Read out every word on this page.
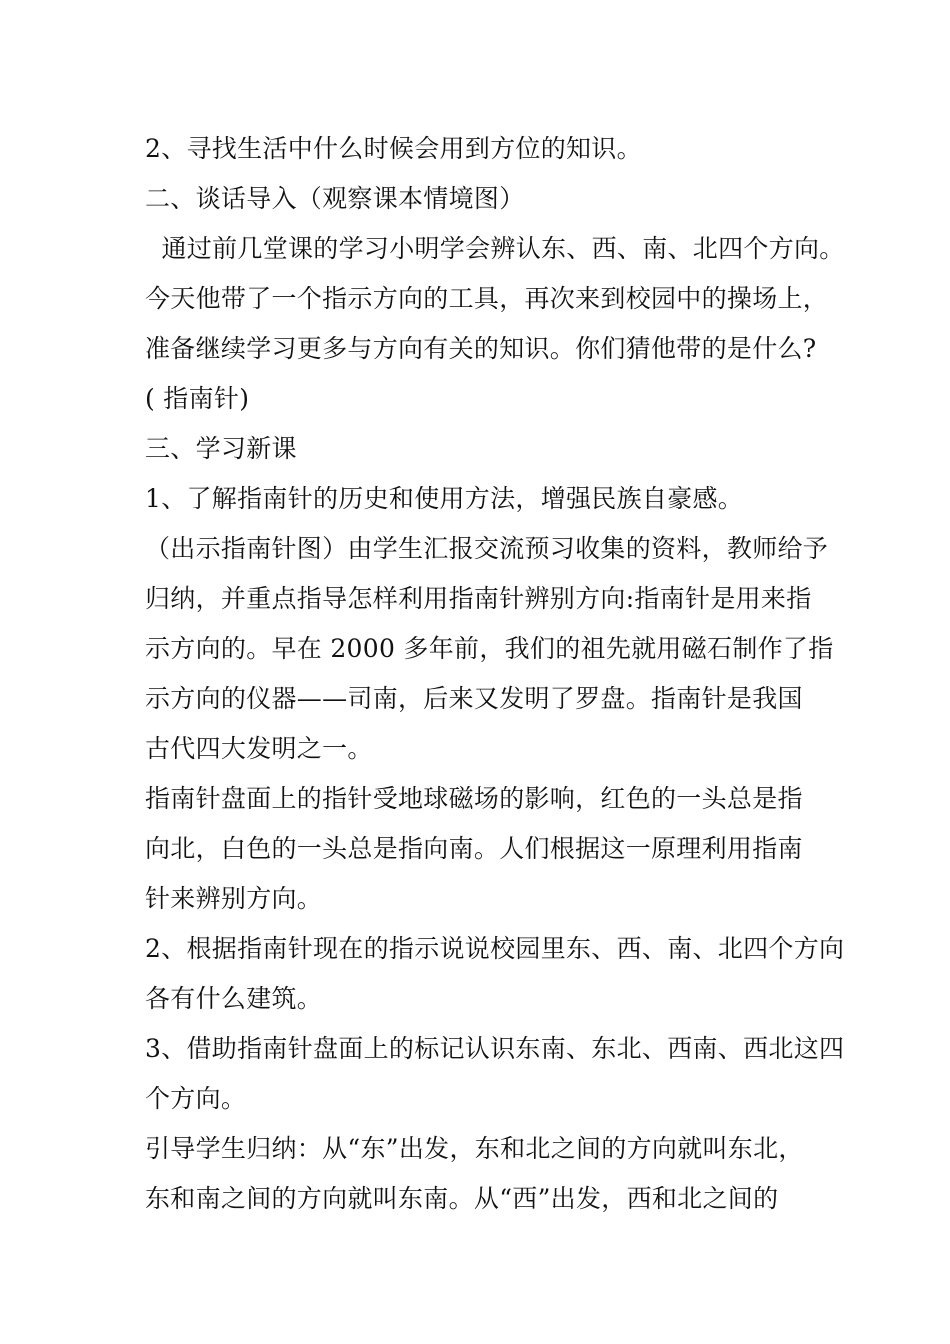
2、寻找生活中什么时候会用到方位的知识。
二、谈话导入（观察课本情境图）
通过前几堂课的学习小明学会辨认东、西、南、北四个方向。
今天他带了一个指示方向的工具，再次来到校园中的操场上，
准备继续学习更多与方向有关的知识。你们猜他带的是什么?
( 指南针)
三、学习新课
1、了解指南针的历史和使用方法，增强民族自豪感。
（出示指南针图）由学生汇报交流预习收集的资料，教师给予
归纳，并重点指导怎样利用指南针辨别方向:指南针是用来指
示方向的。早在 2000 多年前，我们的祖先就用磁石制作了指
示方向的仪器——司南，后来又发明了罗盘。指南针是我国
古代四大发明之一。
指南针盘面上的指针受地球磁场的影响，红色的一头总是指
向北，白色的一头总是指向南。人们根据这一原理利用指南
针来辨别方向。
2、根据指南针现在的指示说说校园里东、西、南、北四个方向
各有什么建筑。
3、借助指南针盘面上的标记认识东南、东北、西南、西北这四
个方向。
引导学生归纳：从“东”出发，东和北之间的方向就叫东北，
东和南之间的方向就叫东南。从“西”出发，西和北之间的
